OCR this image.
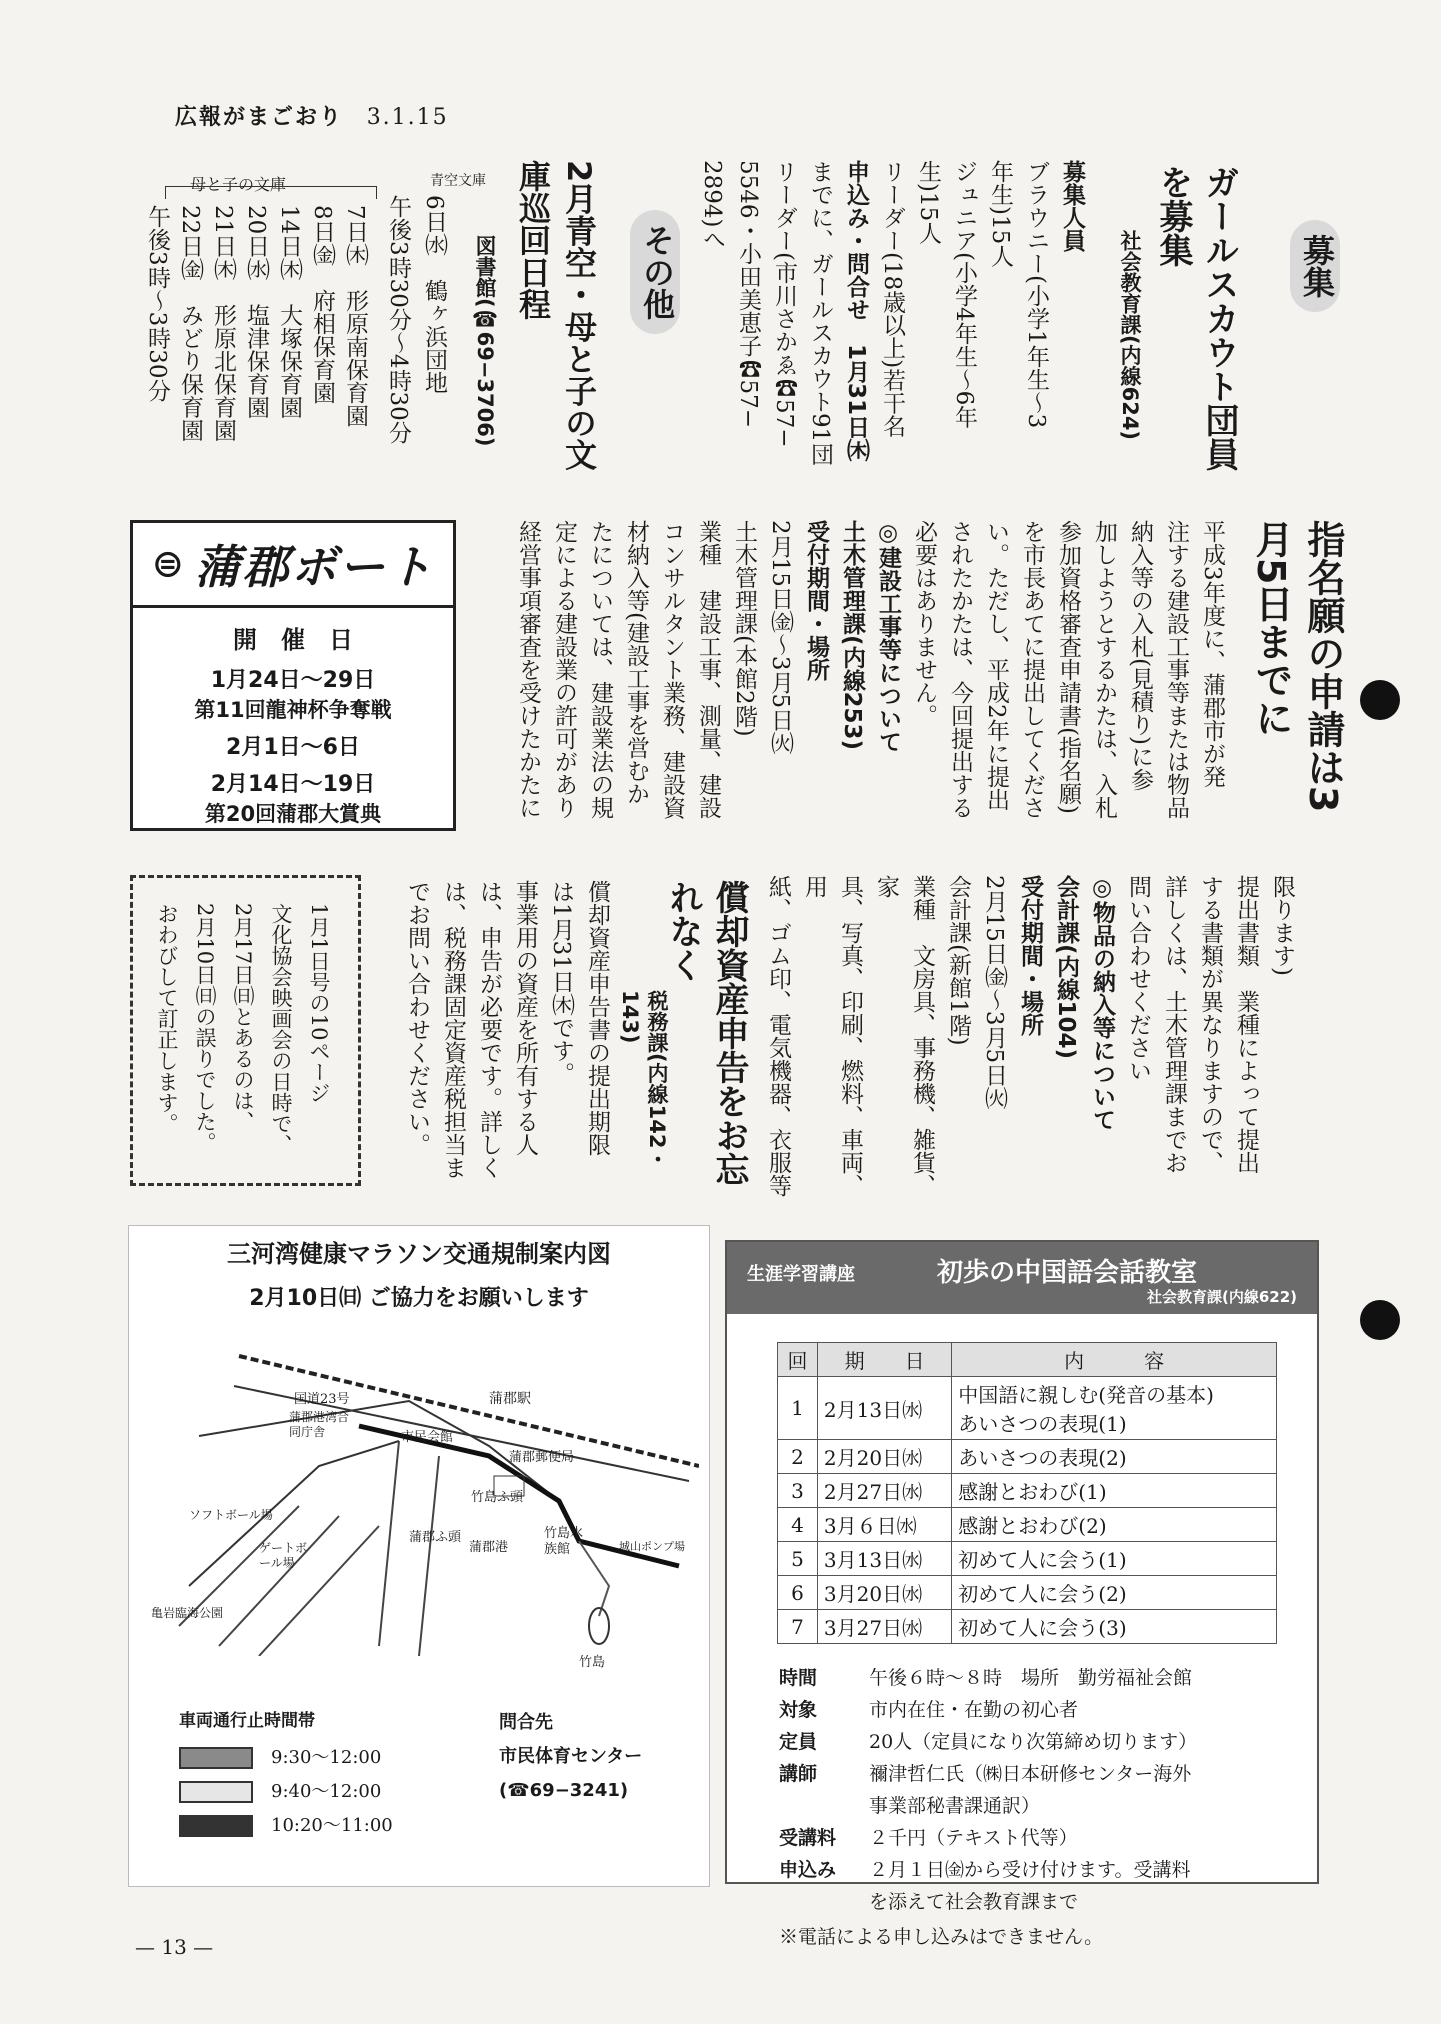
広報がまごおり 3.1.15
募集
その他	ガールスカウト団員を募集
社会教育課(内線624)
募集人員
ブラウニー(小学1年生〜3
年生)15人
ジュニア(小学4年生〜6年
生)15人
リーダー(18歳以上)若干名
申込み・問合せ　1月31日㈭
までに、ガールスカウト91団
リーダー(市川さかゑ☎57−
5546・小田美恵子☎57−
2894)へ
2月青空・母と子の文庫巡回日程
図書館(☎69−3706)
青空文庫
6日㈬　鶴ヶ浜団地
午後3時30分〜4時30分
母と子の文庫
7日㈭　形原南保育園
8日㈮　府相保育園
14日㈭　大塚保育園
20日㈬　塩津保育園
21日㈭　形原北保育園
22日㈮　みどり保育園
午後3時〜3時30分
指名願の申請は3月5日までに
平成3年度に、蒲郡市が発
注する建設工事等または物品
納入等の入札(見積り)に参
加しようとするかたは、入札
参加資格審査申請書(指名願)
を市長あてに提出してくださ
い。ただし、平成2年に提出
されたかたは、今回提出する
必要はありません。
◎建設工事等について
土木管理課(内線253)
受付期間・場所
2月15日㈮〜3月5日㈫
土木管理課(本館2階)
業種　建設工事、測量、建設
コンサルタント業務、建設資
材納入等(建設工事を営むか
たについては、建設業法の規
定による建設業の許可があり
経営事項審査を受けたかたに
限ります)
提出書類　業種によって提出
する書類が異なりますので、
詳しくは、土木管理課までお
問い合わせください
◎物品の納入等について
会計課(内線104)
受付期間・場所
2月15日㈮〜3月5日㈫
会計課(新館1階)
業種　文房具、事務機、雑貨、家
具、写真、印刷、燃料、車両、用
紙、ゴム印、電気機器、衣服等
償却資産申告をお忘れなく
税務課(内線142・143)
償却資産申告書の提出期限
は1月31日㈭です。
事業用の資産を所有する人
は、申告が必要です。詳しく
は、税務課固定資産税担当ま
でお問い合わせください。
⊜ 蒲郡ボート
開　催　日
1月24日〜29日
第11回龍神杯争奪戦
2月1日〜6日
2月14日〜19日
第20回蒲郡大賞典
1月1日号の10ページ
文化協会映画会の日時で、
2月17日㈰とあるのは、
2月10日㈰の誤りでした。
おわびして訂正します。
三河湾健康マラソン交通規制案内図
2月10日㈰ ご協力をお願いします
国道23号	蒲郡駅
蒲郡港湾合同庁舎	市民会館
蒲郡郵便局
竹島ふ頭
ソフトボール場
蒲郡ふ頭
蒲郡港
竹島水族館	城山ポンプ場
ゲートボール場
亀岩臨海公園
竹島
車両通行止時間帯
9:30〜12:00
9:40〜12:00
10:20〜11:00
問合先
市民体育センター
(☎69−3241)
生涯学習講座	初歩の中国語会話教室
社会教育課(内線622)
回	期　　日	内　　　容
1	2月13日㈬	中国語に親しむ(発音の基本)
あいさつの表現(1)

2	2月20日㈬	あいさつの表現(2)

3	2月27日㈬	感謝とおわび(1)

4	3月６日㈬	感謝とおわび(2)

5	3月13日㈬	初めて人に会う(1)

6	3月20日㈬	初めて人に会う(2)

7	3月27日㈬	初めて人に会う(3)
時間	午後６時〜８時　場所　勤労福祉会館
対象	市内在住・在勤の初心者
定員	20人（定員になり次第締め切ります）
講師	禰津哲仁氏（㈱日本研修センター海外
事業部秘書課通訳）
受講料 ２千円（テキスト代等）
申込み ２月１日㈮から受け付けます。受講料
を添えて社会教育課まで
※電話による申し込みはできません。
— 13 —
